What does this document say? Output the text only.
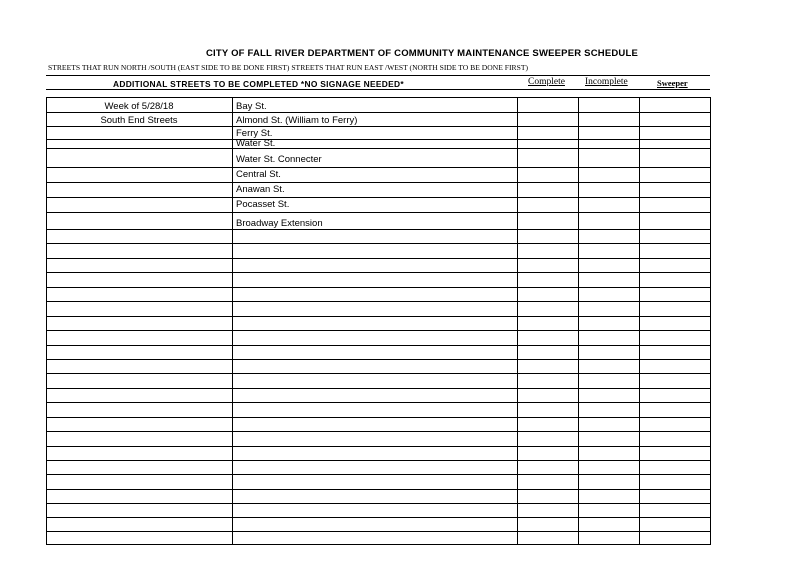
CITY OF FALL RIVER DEPARTMENT OF COMMUNITY MAINTENANCE SWEEPER SCHEDULE
STREETS THAT RUN NORTH /SOUTH (EAST SIDE TO BE DONE FIRST) STREETS THAT RUN EAST /WEST (NORTH SIDE TO BE DONE FIRST)
ADDITIONAL STREETS TO BE COMPLETED *NO SIGNAGE NEEDED*	Complete Incomplete	Sweeper
Week of 5/28/18
South End Streets
Bay St.
Almond St. (William to Ferry)
Ferry St.
Water St.
Water St. Connecter
Central St.
Anawan St.
Pocasset St.
Broadway Extension
